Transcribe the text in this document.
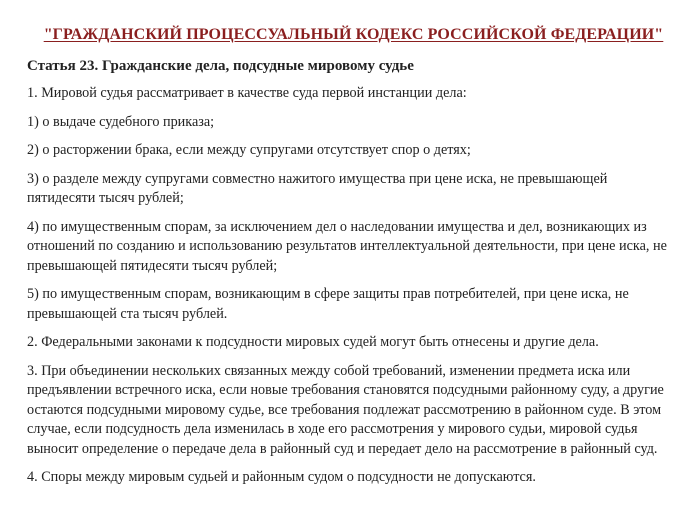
"ГРАЖДАНСКИЙ ПРОЦЕССУАЛЬНЫЙ КОДЕКС РОССИЙСКОЙ ФЕДЕРАЦИИ"
Статья 23. Гражданские дела, подсудные мировому судье

1. Мировой судья рассматривает в качестве суда первой инстанции дела:

1) о выдаче судебного приказа;

2) о расторжении брака, если между супругами отсутствует спор о детях;

3) о разделе между супругами совместно нажитого имущества при цене иска, не превышающей пятидесяти тысяч рублей;

4) по имущественным спорам, за исключением дел о наследовании имущества и дел, возникающих из отношений по созданию и использованию результатов интеллектуальной деятельности, при цене иска, не превышающей пятидесяти тысяч рублей;

5) по имущественным спорам, возникающим в сфере защиты прав потребителей, при цене иска, не превышающей ста тысяч рублей.

2. Федеральными законами к подсудности мировых судей могут быть отнесены и другие дела.

3. При объединении нескольких связанных между собой требований, изменении предмета иска или предъявлении встречного иска, если новые требования становятся подсудными районному суду, а другие остаются подсудными мировому судье, все требования подлежат рассмотрению в районном суде. В этом случае, если подсудность дела изменилась в ходе его рассмотрения у мирового судьи, мировой судья выносит определение о передаче дела в районный суд и передает дело на рассмотрение в районный суд.

4. Споры между мировым судьей и районным судом о подсудности не допускаются.
